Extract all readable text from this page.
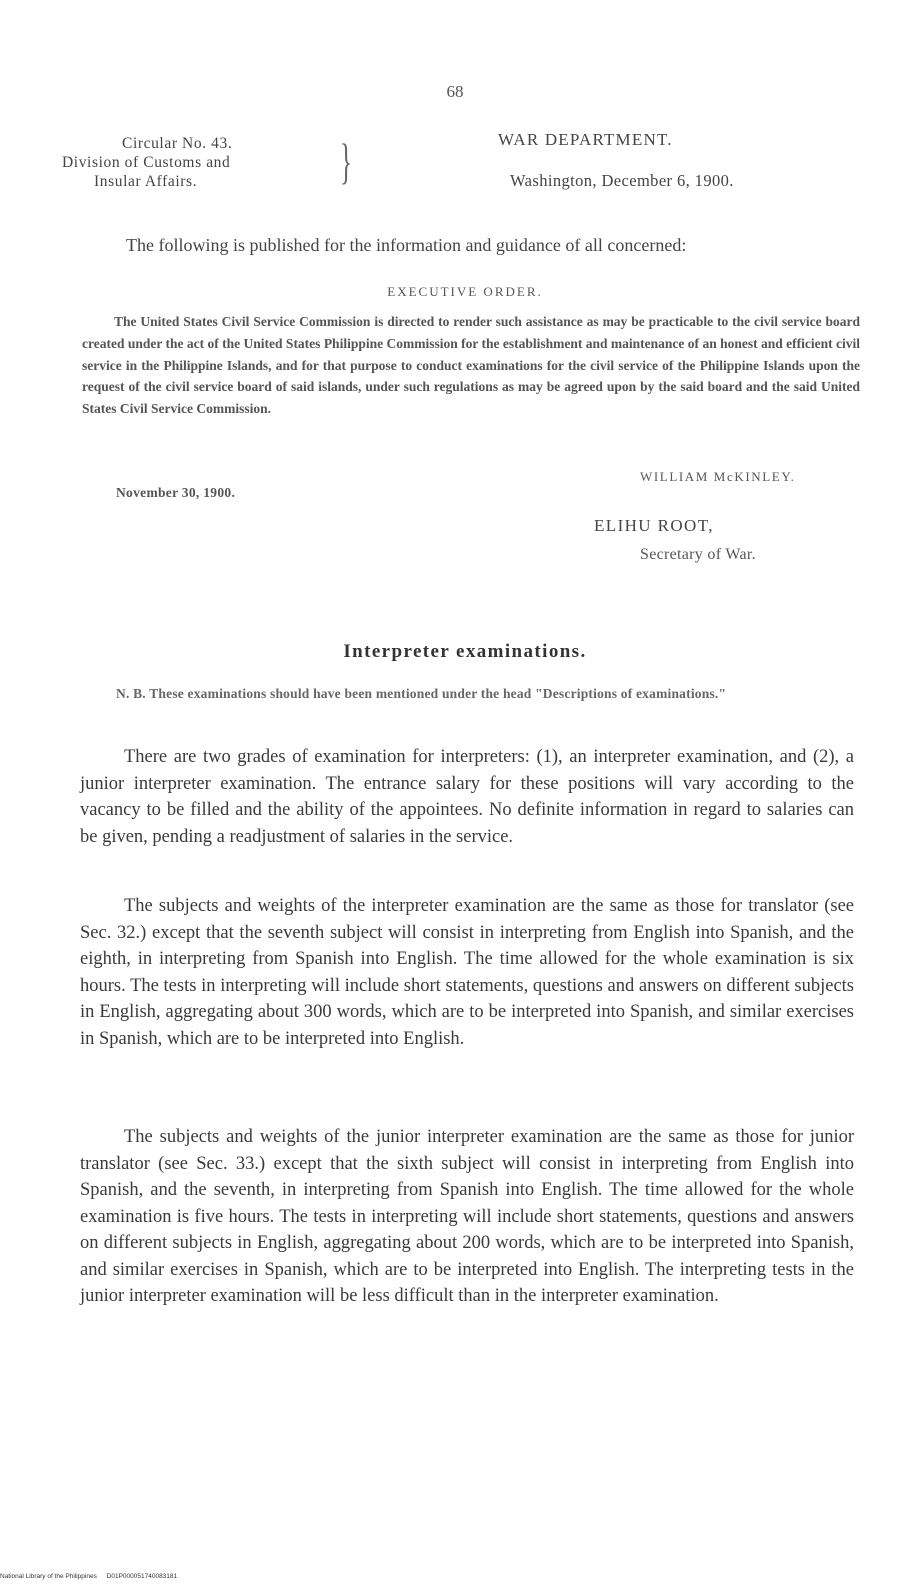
68
Circular No. 43.
Division of Customs and
Insular Affairs.	}	WAR DEPARTMENT.
Washington, December 6, 1900.
The following is published for the information and guidance of all concerned:
EXECUTIVE ORDER.
The United States Civil Service Commission is directed to render such assistance as may be practicable to the civil service board created under the act of the United States Philippine Commission for the establishment and maintenance of an honest and efficient civil service in the Philippine Islands, and for that purpose to conduct examinations for the civil service of the Philippine Islands upon the request of the civil service board of said islands, under such regulations as may be agreed upon by the said board and the said United States Civil Service Commission.
WILLIAM McKINLEY.
November 30, 1900.
ELIHU ROOT,
Secretary of War.
Interpreter examinations.
N. B. These examinations should have been mentioned under the head "Descriptions of examinations."
There are two grades of examination for interpreters: (1), an interpreter examination, and (2), a junior interpreter examination. The entrance salary for these positions will vary according to the vacancy to be filled and the ability of the appointees. No definite information in regard to salaries can be given, pending a readjustment of salaries in the service.
The subjects and weights of the interpreter examination are the same as those for translator (see Sec. 32.) except that the seventh subject will consist in interpreting from English into Spanish, and the eighth, in interpreting from Spanish into English. The time allowed for the whole examination is six hours. The tests in interpreting will include short statements, questions and answers on different subjects in English, aggregating about 300 words, which are to be interpreted into Spanish, and similar exercises in Spanish, which are to be interpreted into English.
The subjects and weights of the junior interpreter examination are the same as those for junior translator (see Sec. 33.) except that the sixth subject will consist in interpreting from English into Spanish, and the seventh, in interpreting from Spanish into English. The time allowed for the whole examination is five hours. The tests in interpreting will include short statements, questions and answers on different subjects in English, aggregating about 200 words, which are to be interpreted into Spanish, and similar exercises in Spanish, which are to be interpreted into English. The interpreting tests in the junior interpreter examination will be less difficult than in the interpreter examination.
National Library of the Philippines D01P000051740083181
